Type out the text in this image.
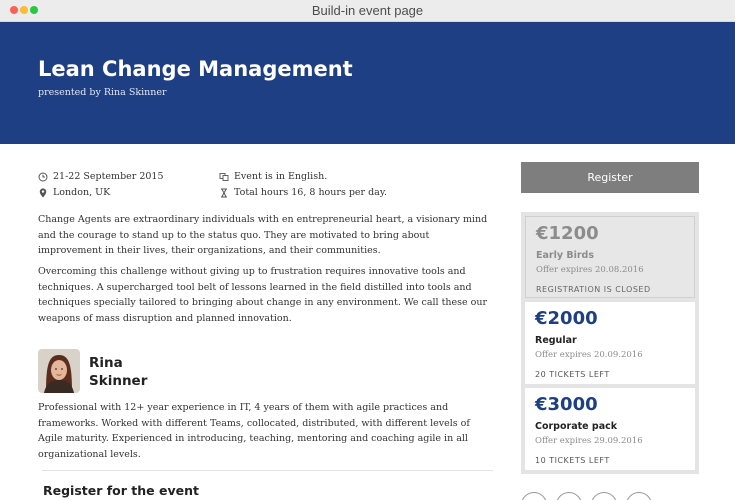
Build-in event page
Lean Change Management
presented by Rina Skinner
21-22 September 2015
London, UK
Event is in English.
Total hours 16, 8 hours per day.

Change Agents are extraordinary individuals with en entrepreneurial heart, a visionary mind and the courage to stand up to the status quo. They are motivated to bring about improvement in their lives, their organizations, and their communities.

Overcoming this challenge without giving up to frustration requires innovative tools and techniques. A supercharged tool belt of lessons learned in the field distilled into tools and techniques specially tailored to bringing about change in any environment. We call these our weapons of mass disruption and planned innovation.

Rina
Skinner

Professional with 12+ year experience in IT, 4 years of them with agile practices and frameworks. Worked with different Teams, collocated, distributed, with different levels of Agile maturity. Experienced in introducing, teaching, mentoring and coaching agile in all organizational levels.

Register for the event
Register
€1200
Early Birds
Offer expires 20.08.2016
REGISTRATION IS CLOSED
€2000
Regular
Offer expires 20.09.2016
20 TICKETS LEFT
€3000
Corporate pack
Offer expires 29.09.2016
10 TICKETS LEFT
